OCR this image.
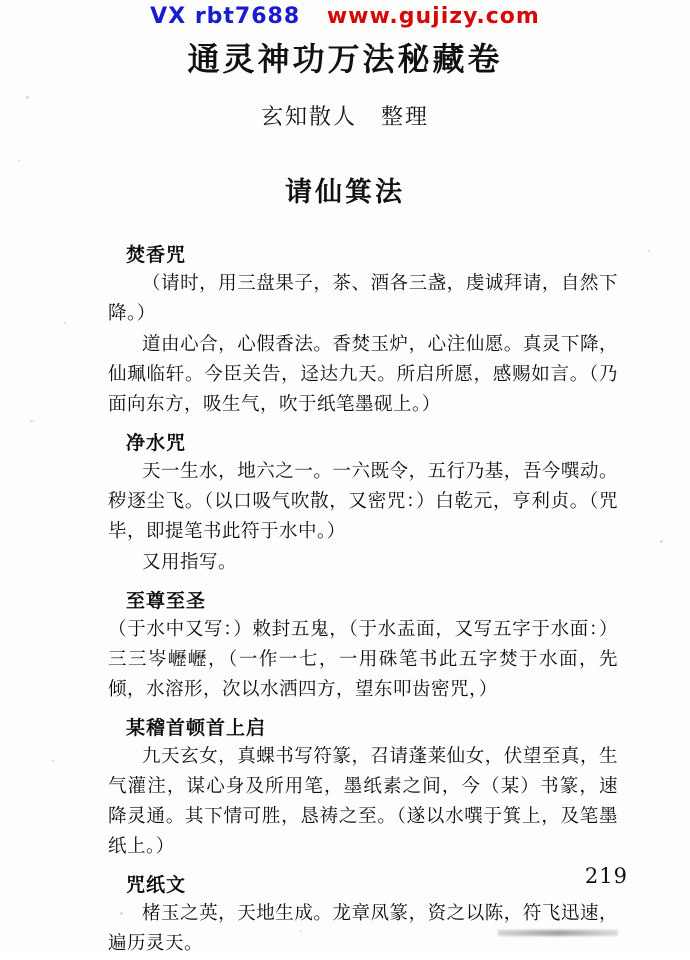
VX rbt7688 www.gujizy.com
通灵神功万法秘藏卷
玄知散人　整理
请仙箕法
焚香咒

（请时，用三盘果子，茶、酒各三盏，虔诚拜请，自然下降。）

道由心合，心假香法。香焚玉炉，心注仙愿。真灵下降，仙珮临轩。今臣关告，迳达九天。所启所愿，感赐如言。（乃面向东方，吸生气，吹于纸笔墨砚上。）

净水咒

天一生水，地六之一。一六既令，五行乃基，吾今噀动。秽逐尘飞。（以口吸气吹散，又密咒：）白乾元，亨利贞。（咒毕，即提笔书此符于水中。）

又用指写。

至尊至圣

（于水中又写：）敕封五鬼，（于水盂面，又写五字于水面：）三三岑㠣㠣，（一作一七，一用硃笔书此五字焚于水面，先倾，水溶形，次以水洒四方，望东叩齿密咒，）

某稽首顿首上启

九天玄女，真蜾书写符篆，召请蓬莱仙女，伏望至真，生气灌注，谋心身及所用笔，墨纸素之间，今（某）书篆，速降灵通。其下情可胜，恳祷之至。（遂以水噀于箕上，及笔墨纸上。）

咒纸文

楮玉之英，天地生成。龙章凤篆，资之以陈，符飞迅速，遍历灵天。

219
